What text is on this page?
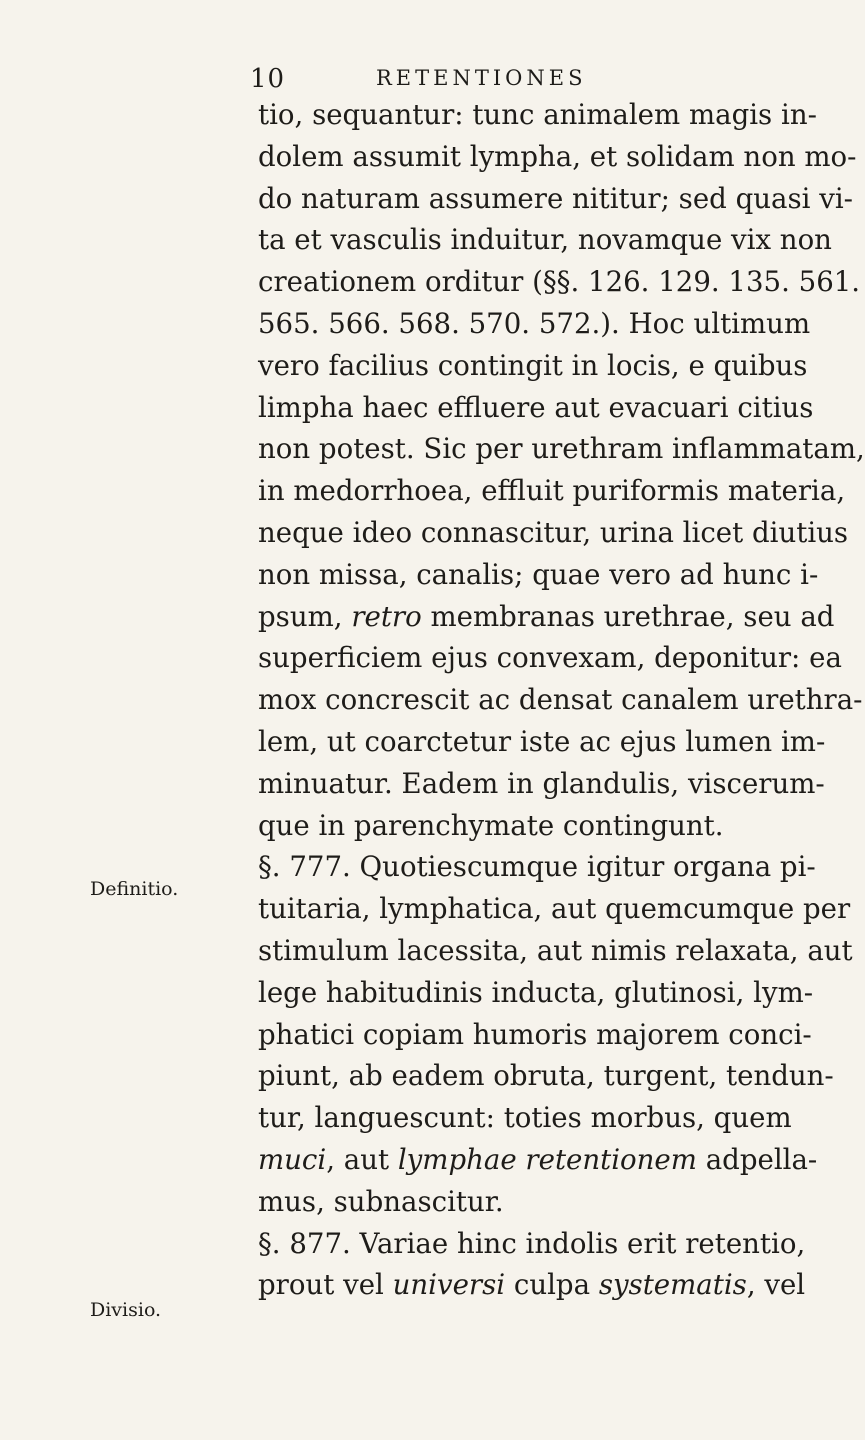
10	RETENTIONES
Definitio.
Divisio.
tio, sequantur: tunc animalem magis in-
dolem assumit lympha, et solidam non mo-
do naturam assumere nititur; sed quasi vi-
ta et vasculis induitur, novamque vix non
creationem orditur (§§. 126. 129. 135. 561.
565. 566. 568. 570. 572.). Hoc ultimum
vero facilius contingit in locis, e quibus
limpha haec effluere aut evacuari citius
non potest. Sic per urethram inflammatam,
in medorrhoea, effluit puriformis materia,
neque ideo connascitur, urina licet diutius
non missa, canalis; quae vero ad hunc i-
psum, retro membranas urethrae, seu ad
superficiem ejus convexam, deponitur: ea
mox concrescit ac densat canalem urethra-
lem, ut coarctetur iste ac ejus lumen im-
minuatur. Eadem in glandulis, viscerum-
que in parenchymate contingunt.
§. 777. Quotiescumque igitur organa pi-
tuitaria, lymphatica, aut quemcumque per
stimulum lacessita, aut nimis relaxata, aut
lege habitudinis inducta, glutinosi, lym-
phatici copiam humoris majorem conci-
piunt, ab eadem obruta, turgent, tendun-
tur, languescunt: toties morbus, quem
muci, aut lymphae retentionem adpella-
mus, subnascitur.
§. 877. Variae hinc indolis erit retentio,
prout vel universi culpa systematis, vel
